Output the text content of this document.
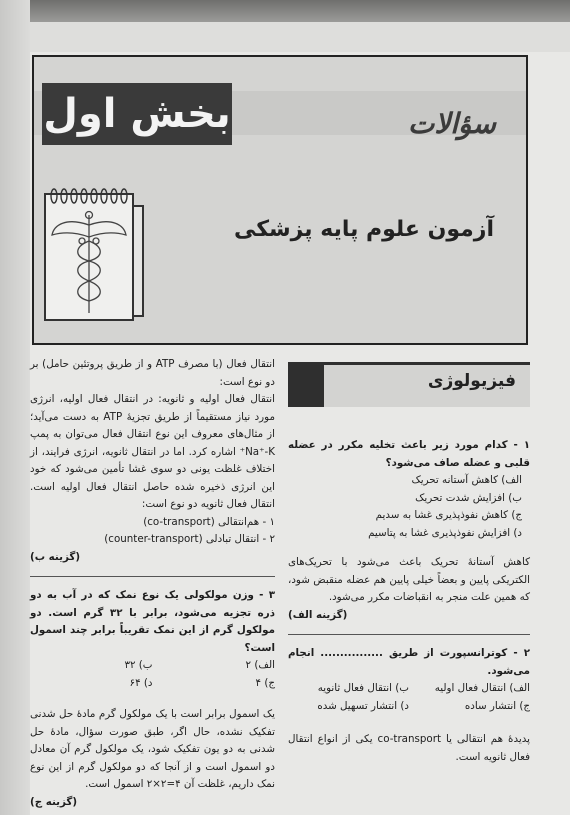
بخش اول	سؤالات
آزمون علوم پایه پزشکی
فیزیولوژی
۱ - کدام مورد زیر باعث تخلیه مکرر در عضله قلبی و عضله صاف می‌شود؟
الف) کاهش آستانه تحریک
ب) افزایش شدت تحریک
ج) کاهش نفوذپذیری غشا به سدیم
د) افزایش نفوذپذیری غشا به پتاسیم
کاهش آستانهٔ تحریک باعث می‌شود با تحریک‌های الکتریکی پایین و بعضاً خیلی پایین هم عضله منقبض شود، که همین علت منجر به انقباضات مکرر می‌شود.
(گزینه الف)
۲ - کوترانسپورت از طریق ................ انجام می‌شود.
الف) انتقال فعال اولیه
ب) انتقال فعال ثانویه
ج) انتشار ساده
د) انتشار تسهیل شده
پدیدهٔ هم انتقالی یا co-transport یکی از انواع انتقال فعال ثانویه است.
انتقال فعال (با مصرف ATP و از طریق پروتئین حامل) بر دو نوع است:
انتقال فعال اولیه و ثانویه: در انتقال فعال اولیه، انرژی مورد نیاز مستقیماً از طریق تجزیهٔ ATP به دست می‌آید؛ از مثال‌های معروف این نوع انتقال فعال می‌توان به پمپ Na⁺-K⁺ اشاره کرد. اما در انتقال ثانویه، انرژی فرایند، از اختلاف غلظت یونی دو سوی غشا تأمین می‌شود که خود این انرژی ذخیره شده حاصل انتقال فعال اولیه است. انتقال فعال ثانویه دو نوع است:
۱ - هم‌انتقالی (co-transport)
۲ - انتقال تبادلی (counter-transport)
(گزینه ب)
۳ - وزن مولکولی یک نوع نمک که در آب به دو ذره تجزیه می‌شود، برابر با ۳۲ گرم است. دو مولکول گرم از این نمک تقریباً برابر چند اسمول است؟
الف) ۲
ب) ۳۲
ج) ۴
د) ۶۴
یک اسمول برابر است با یک مولکول گرم مادهٔ حل شدنی تفکیک نشده، حال اگر، طبق صورت سؤال، مادهٔ حل شدنی به دو یون تفکیک شود، یک مولکول گرم آن معادل دو اسمول است و از آنجا که دو مولکول گرم از این نوع نمک داریم، غلظت آن ۴=۲×۲ اسمول است.
(گزینه ج)
